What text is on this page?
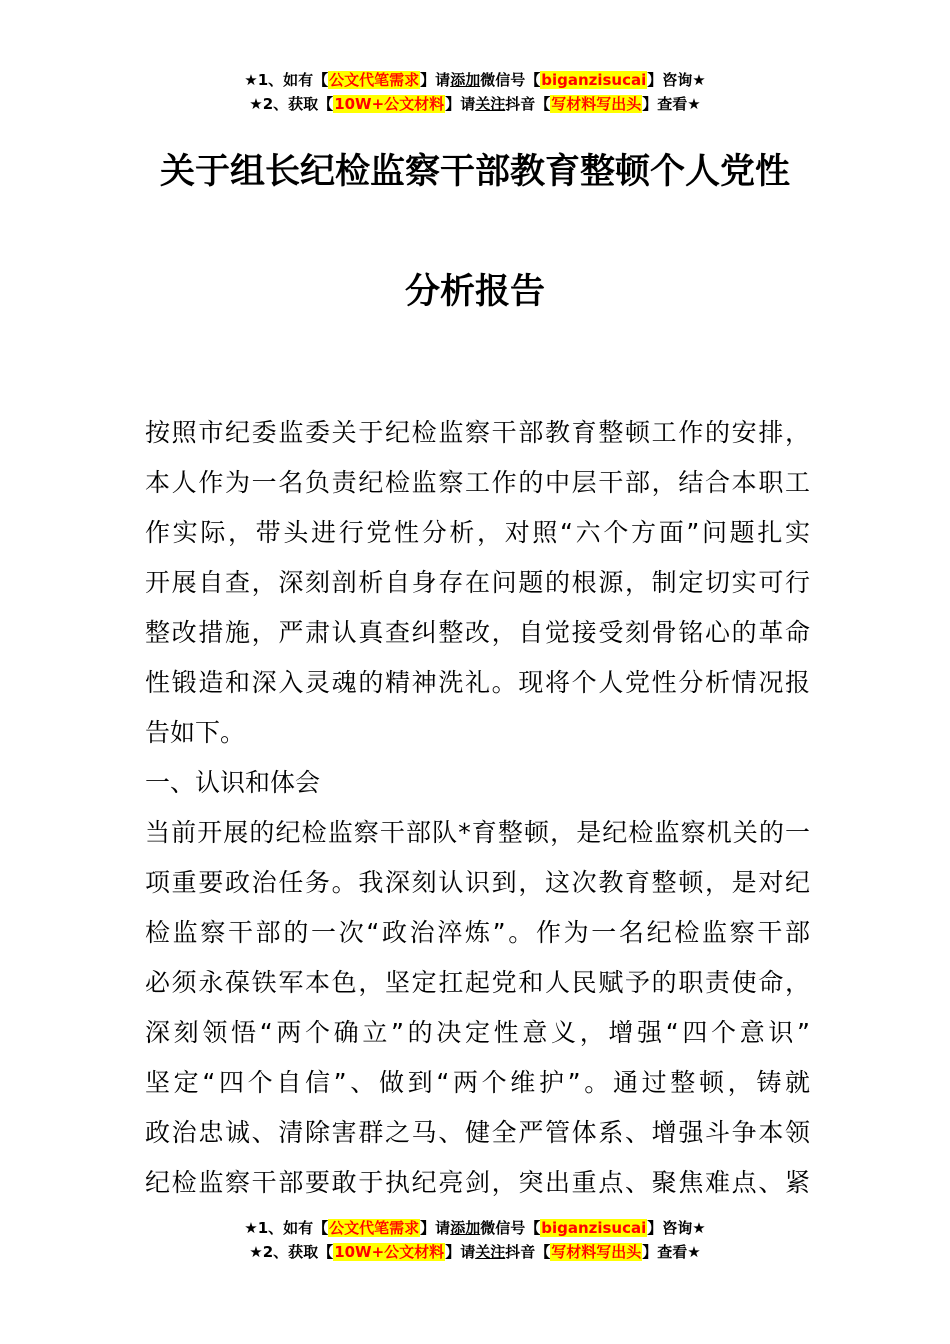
★1、如有【公文代笔需求】请添加微信号【biganzisucai】咨询★
★2、获取【10W+公文材料】请关注抖音【写材料写出头】查看★
关于组长纪检监察干部教育整顿个人党性
分析报告
按照市纪委监委关于纪检监察干部教育整顿工作的安排，
本人作为一名负责纪检监察工作的中层干部，结合本职工
作实际，带头进行党性分析，对照“六个方面”问题扎实
开展自查，深刻剖析自身存在问题的根源，制定切实可行
整改措施，严肃认真查纠整改，自觉接受刻骨铭心的革命
性锻造和深入灵魂的精神洗礼。现将个人党性分析情况报
告如下。
一、认识和体会
当前开展的纪检监察干部队*育整顿，是纪检监察机关的一
项重要政治任务。我深刻认识到，这次教育整顿，是对纪
检监察干部的一次“政治淬炼”。作为一名纪检监察干部
必须永葆铁军本色，坚定扛起党和人民赋予的职责使命，
深刻领悟“两个确立”的决定性意义，增强“四个意识”
坚定“四个自信”、做到“两个维护”。通过整顿，铸就
政治忠诚、清除害群之马、健全严管体系、增强斗争本领
纪检监察干部要敢于执纪亮剑，突出重点、聚焦难点、紧
★1、如有【公文代笔需求】请添加微信号【biganzisucai】咨询★
★2、获取【10W+公文材料】请关注抖音【写材料写出头】查看★
